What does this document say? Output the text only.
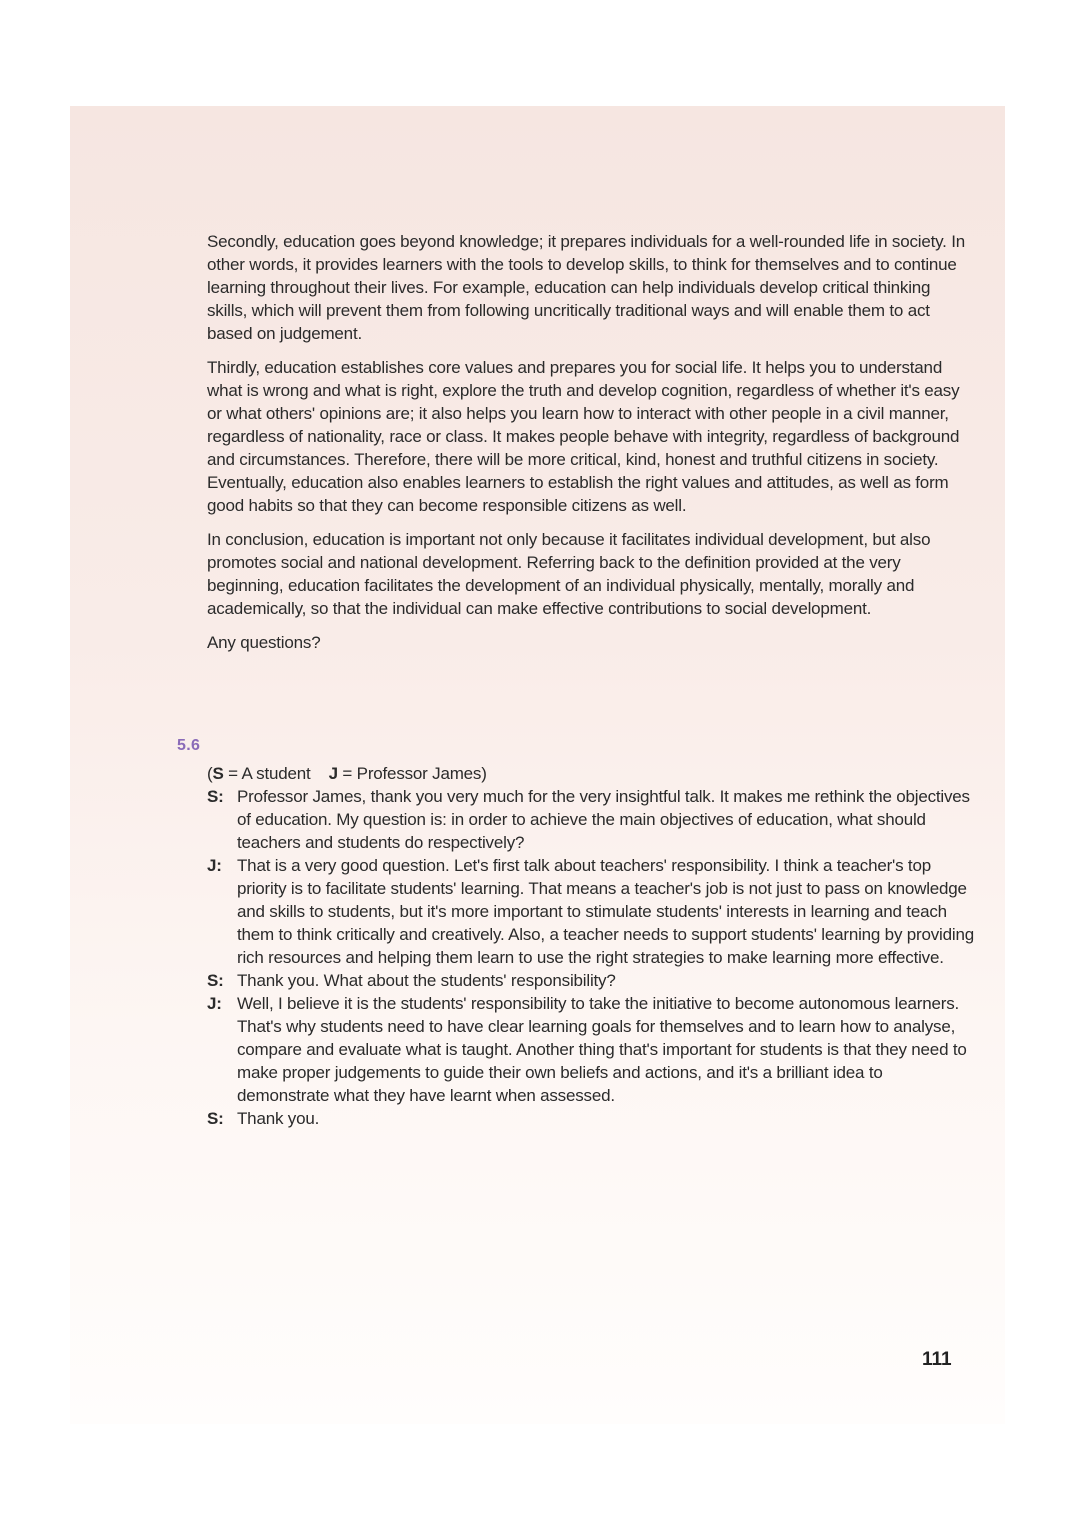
Secondly, education goes beyond knowledge; it prepares individuals for a well-rounded life in society. In other words, it provides learners with the tools to develop skills, to think for themselves and to continue learning throughout their lives. For example, education can help individuals develop critical thinking skills, which will prevent them from following uncritically traditional ways and will enable them to act based on judgement.

Thirdly, education establishes core values and prepares you for social life. It helps you to understand what is wrong and what is right, explore the truth and develop cognition, regardless of whether it's easy or what others' opinions are; it also helps you learn how to interact with other people in a civil manner, regardless of nationality, race or class. It makes people behave with integrity, regardless of background and circumstances. Therefore, there will be more critical, kind, honest and truthful citizens in society. Eventually, education also enables learners to establish the right values and attitudes, as well as form good habits so that they can become responsible citizens as well.

In conclusion, education is important not only because it facilitates individual development, but also promotes social and national development. Referring back to the definition provided at the very beginning, education facilitates the development of an individual physically, mentally, morally and academically, so that the individual can make effective contributions to social development.

Any questions?

5.6

(S = A student    J = Professor James)

S: Professor James, thank you very much for the very insightful talk. It makes me rethink the objectives of education. My question is: in order to achieve the main objectives of education, what should teachers and students do respectively?
J: That is a very good question. Let's first talk about teachers' responsibility. I think a teacher's top priority is to facilitate students' learning. That means a teacher's job is not just to pass on knowledge and skills to students, but it's more important to stimulate students' interests in learning and teach them to think critically and creatively. Also, a teacher needs to support students' learning by providing rich resources and helping them learn to use the right strategies to make learning more effective.
S: Thank you. What about the students' responsibility?
J: Well, I believe it is the students' responsibility to take the initiative to become autonomous learners. That's why students need to have clear learning goals for themselves and to learn how to analyse, compare and evaluate what is taught. Another thing that's important for students is that they need to make proper judgements to guide their own beliefs and actions, and it's a brilliant idea to demonstrate what they have learnt when assessed.
S: Thank you.
111
